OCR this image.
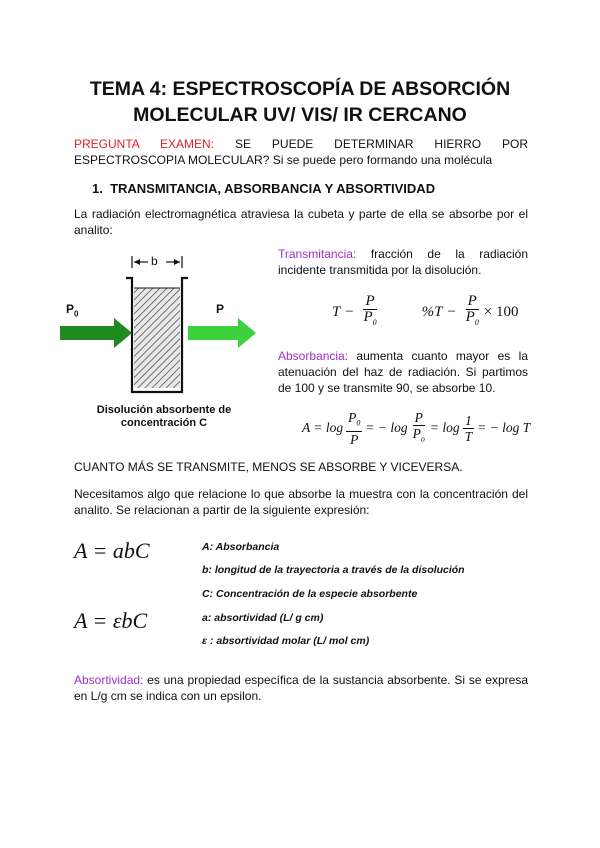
TEMA 4: ESPECTROSCOPÍA DE ABSORCIÓN
MOLECULAR UV/ VIS/ IR CERCANO
PREGUNTA EXAMEN: SE PUEDE DETERMINAR HIERRO POR ESPECTROSCOPIA MOLECULAR? Si se puede pero formando una molécula
1. TRANSMITANCIA, ABSORBANCIA Y ABSORTIVIDAD
La radiación electromagnética atraviesa la cubeta y parte de ella se absorbe por el analito:
b
$P_0$	P
Disolución absorbente de
concentración C
Transmitancia: fracción de la radiación incidente transmitida por la disolución.
$T - \frac{P}{P_0}$	$\%T - \frac{P}{P_0} \times 100$
Absorbancia: aumenta cuanto mayor es la atenuación del haz de radiación. Si partimos de 100 y se transmite 90, se absorbe 10.
$A = \log \frac{P_0}{P}$ = − $\log \frac{P}{P_o} = \log \frac{1}{T}$ = − log T
CUANTO MÁS SE TRANSMITE, MENOS SE ABSORBE Y VICEVERSA.
Necesitamos algo que relacione lo que absorbe la muestra con la concentración del analito. Se relacionan a partir de la siguiente expresión:
A = abC
A = εbC
A: Absorbancia
b: longitud de la trayectoria a través de la disolución
C: Concentración de la especie absorbente
a: absortividad (L/ g cm)
ε : absortividad molar (L/ mol cm)
Absortividad: es una propiedad específica de la sustancia absorbente. Si se expresa en L/g cm se indica con un epsilon.
